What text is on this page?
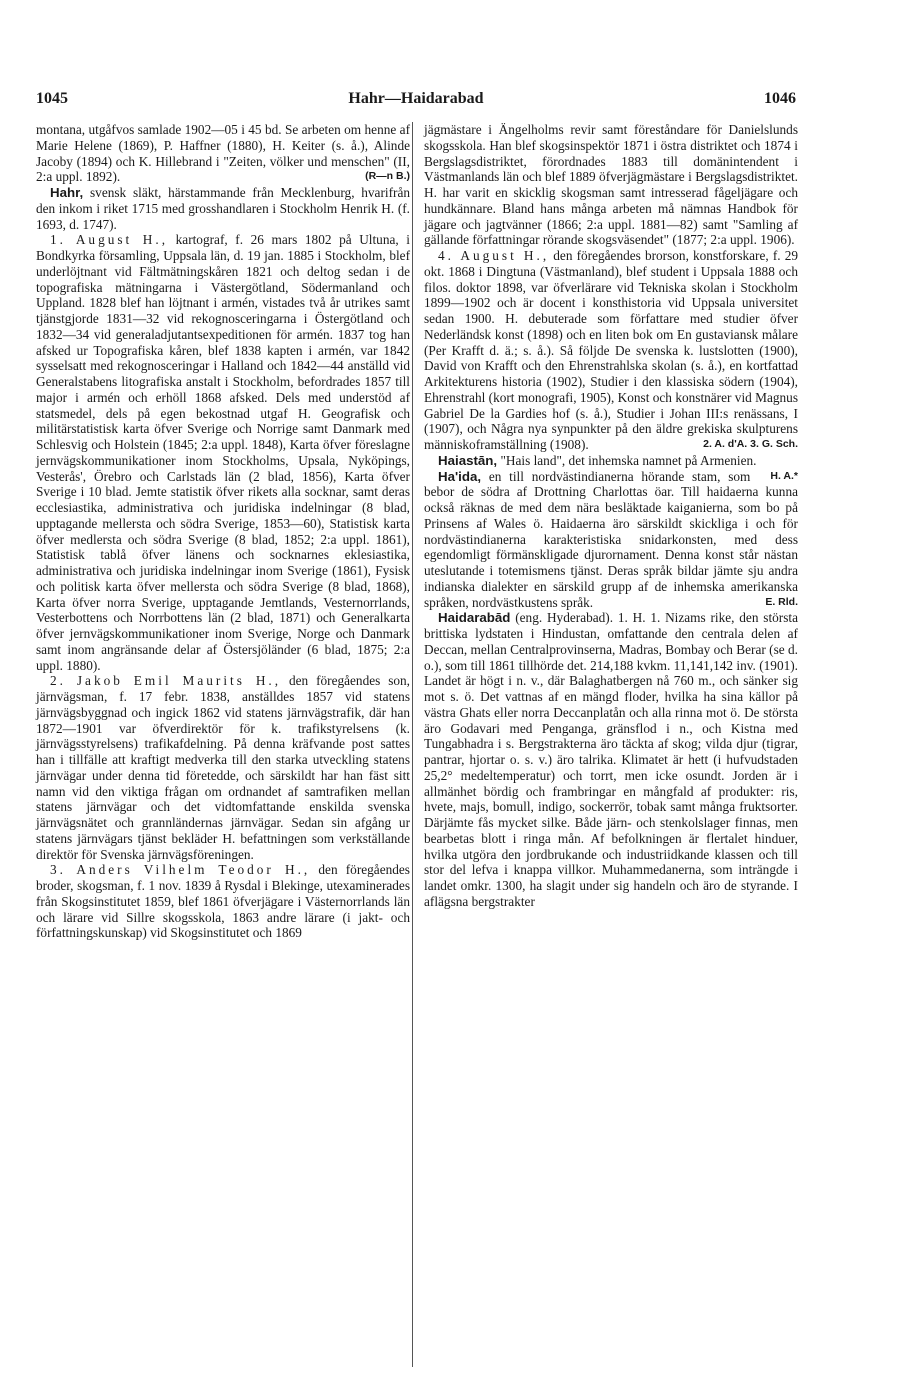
1045	Hahr—Haidarabad	1046

montana, utgåfvos samlade 1902—05 i 45 bd. Se arbeten om henne af Marie Helene (1869), P. Haffner (1880), H. Keiter (s. å.), Alinde Jacoby (1894) och K. Hillebrand i "Zeiten, völker und menschen" (II, 2:a uppl. 1892).	(R—n B.)

Hahr, svensk släkt, härstammande från Mecklenburg, hvarifrån den inkom i riket 1715 med grosshandlaren i Stockholm Henrik H. (f. 1693, d. 1747).

1. August H., kartograf, f. 26 mars 1802 på Ultuna, i Bondkyrka församling, Uppsala län, d. 19 jan. 1885 i Stockholm, blef underlöjtnant vid Fältmätningskåren 1821 och deltog sedan i de topografiska mätningarna i Västergötland, Södermanland och Uppland. 1828 blef han löjtnant i armén, vistades två år utrikes samt tjänstgjorde 1831—32 vid rekognosceringarna i Östergötland och 1832—34 vid generaladjutantsexpeditionen för armén. 1837 tog han afsked ur Topografiska kåren, blef 1838 kapten i armén, var 1842 sysselsatt med rekognosceringar i Halland och 1842—44 anställd vid Generalstabens litografiska anstalt i Stockholm, befordrades 1857 till major i armén och erhöll 1868 afsked. Dels med understöd af statsmedel, dels på egen bekostnad utgaf H. Geografisk och militärstatistisk karta öfver Sverige och Norrige samt Danmark med Schlesvig och Holstein (1845; 2:a uppl. 1848), Karta öfver föreslagne jernvägskommunikationer inom Stockholms, Upsala, Nyköpings, Vesterås', Örebro och Carlstads län (2 blad, 1856), Karta öfver Sverige i 10 blad. Jemte statistik öfver rikets alla socknar, samt deras ecclesiastika, administrativa och juridiska indelningar (8 blad, upptagande mellersta och södra Sverige, 1853—60), Statistisk karta öfver medlersta och södra Sverige (8 blad, 1852; 2:a uppl. 1861), Statistisk tablå öfver länens och socknarnes eklesiastika, administrativa och juridiska indelningar inom Sverige (1861), Fysisk och politisk karta öfver mellersta och södra Sverige (8 blad, 1868), Karta öfver norra Sverige, upptagande Jemtlands, Vesternorrlands, Vesterbottens och Norrbottens län (2 blad, 1871) och Generalkarta öfver jernvägskommunikationer inom Sverige, Norge och Danmark samt inom angränsande delar af Östersjöländer (6 blad, 1875; 2:a uppl. 1880).

2. Jakob Emil Maurits H., den föregåendes son, järnvägsman, f. 17 febr. 1838, anställdes 1857 vid statens järnvägsbyggnad och ingick 1862 vid statens järnvägstrafik, där han 1872—1901 var öfverdirektör för k. trafikstyrelsens (k. järnvägsstyrelsens) trafikafdelning. På denna kräfvande post sattes han i tillfälle att kraftigt medverka till den starka utveckling statens järnvägar under denna tid företedde, och särskildt har han fäst sitt namn vid den viktiga frågan om ordnandet af samtrafiken mellan statens järnvägar och det vidtomfattande enskilda svenska järnvägsnätet och grannländernas järnvägar. Sedan sin afgång ur statens järnvägars tjänst bekläder H. befattningen som verkställande direktör för Svenska järnvägsföreningen.

3. Anders Vilhelm Teodor H., den föregåendes broder, skogsman, f. 1 nov. 1839 å Rysdal i Blekinge, utexaminerades från Skogsinstitutet 1859, blef 1861 öfverjägare i Västernorrlands län och lärare vid Sillre skogsskola, 1863 andre lärare (i jakt- och författningskunskap) vid Skogsinstitutet och 1869

jägmästare i Ängelholms revir samt föreståndare för Danielslunds skogsskola. Han blef skogsinspektör 1871 i östra distriktet och 1874 i Bergslagsdistriktet, förordnades 1883 till domänintendent i Västmanlands län och blef 1889 öfverjägmästare i Bergslagsdistriktet. H. har varit en skicklig skogsman samt intresserad fågeljägare och hundkännare. Bland hans många arbeten må nämnas Handbok för jägare och jagtvänner (1866; 2:a uppl. 1881—82) samt "Samling af gällande författningar rörande skogsväsendet" (1877; 2:a uppl. 1906).

4. August H., den föregåendes brorson, konstforskare, f. 29 okt. 1868 i Dingtuna (Västmanland), blef student i Uppsala 1888 och filos. doktor 1898, var öfverlärare vid Tekniska skolan i Stockholm 1899—1902 och är docent i konsthistoria vid Uppsala universitet sedan 1900. H. debuterade som författare med studier öfver Nederländsk konst (1898) och en liten bok om En gustaviansk målare (Per Krafft d. ä.; s. å.). Så följde De svenska k. lustslotten (1900), David von Krafft och den Ehrenstrahlska skolan (s. å.), en kortfattad Arkitekturens historia (1902), Studier i den klassiska södern (1904), Ehrenstrahl (kort monografi, 1905), Konst och konstnärer vid Magnus Gabriel De la Gardies hof (s. å.), Studier i Johan III:s renässans, I (1907), och Några nya synpunkter på den äldre grekiska skulpturens människoframställning (1908).	2. A. d'A. 3. G. Sch.

Haiastān, "Hais land", det inhemska namnet på Armenien.
H. A.*

Ha'ida, en till nordvästindianerna hörande stam, som bebor de södra af Drottning Charlottas öar. Till haidaerna kunna också räknas de med dem nära besläktade kaiganierna, som bo på Prinsens af Wales ö. Haidaerna äro särskildt skickliga i och för nordvästindianerna karakteristiska snidarkonsten, med dess egendomligt förmänskligade djurornament. Denna konst står nästan uteslutande i totemismens tjänst. Deras språk bildar jämte sju andra indianska dialekter en särskild grupp af de inhemska amerikanska språken, nordvästkustens språk.	E. Rld.

Haidarabād (eng. Hyderabad). 1. H. 1. Nizams rike, den största brittiska lydstaten i Hindustan, omfattande den centrala delen af Deccan, mellan Centralprovinserna, Madras, Bombay och Berar (se d. o.), som till 1861 tillhörde det. 214,188 kvkm. 11,141,142 inv. (1901). Landet är högt i n. v., där Balaghatbergen nå 760 m., och sänker sig mot s. ö. Det vattnas af en mängd floder, hvilka ha sina källor på västra Ghats eller norra Deccanplatån och alla rinna mot ö. De största äro Godavari med Penganga, gränsflod i n., och Kistna med Tungabhadra i s. Bergstrakterna äro täckta af skog; vilda djur (tigrar, pantrar, hjortar o. s. v.) äro talrika. Klimatet är hett (i hufvudstaden 25,2° medeltemperatur) och torrt, men icke osundt. Jorden är i allmänhet bördig och frambringar en mångfald af produkter: ris, hvete, majs, bomull, indigo, sockerrör, tobak samt många fruktsorter. Därjämte fås mycket silke. Både järn- och stenkolslager finnas, men bearbetas blott i ringa mån. Af befolkningen är flertalet hinduer, hvilka utgöra den jordbrukande och industriidkande klassen och till stor del lefva i knappa villkor. Muhammedanerna, som inträngde i landet omkr. 1300, ha slagit under sig handeln och äro de styrande. I aflägsna bergstrakter
